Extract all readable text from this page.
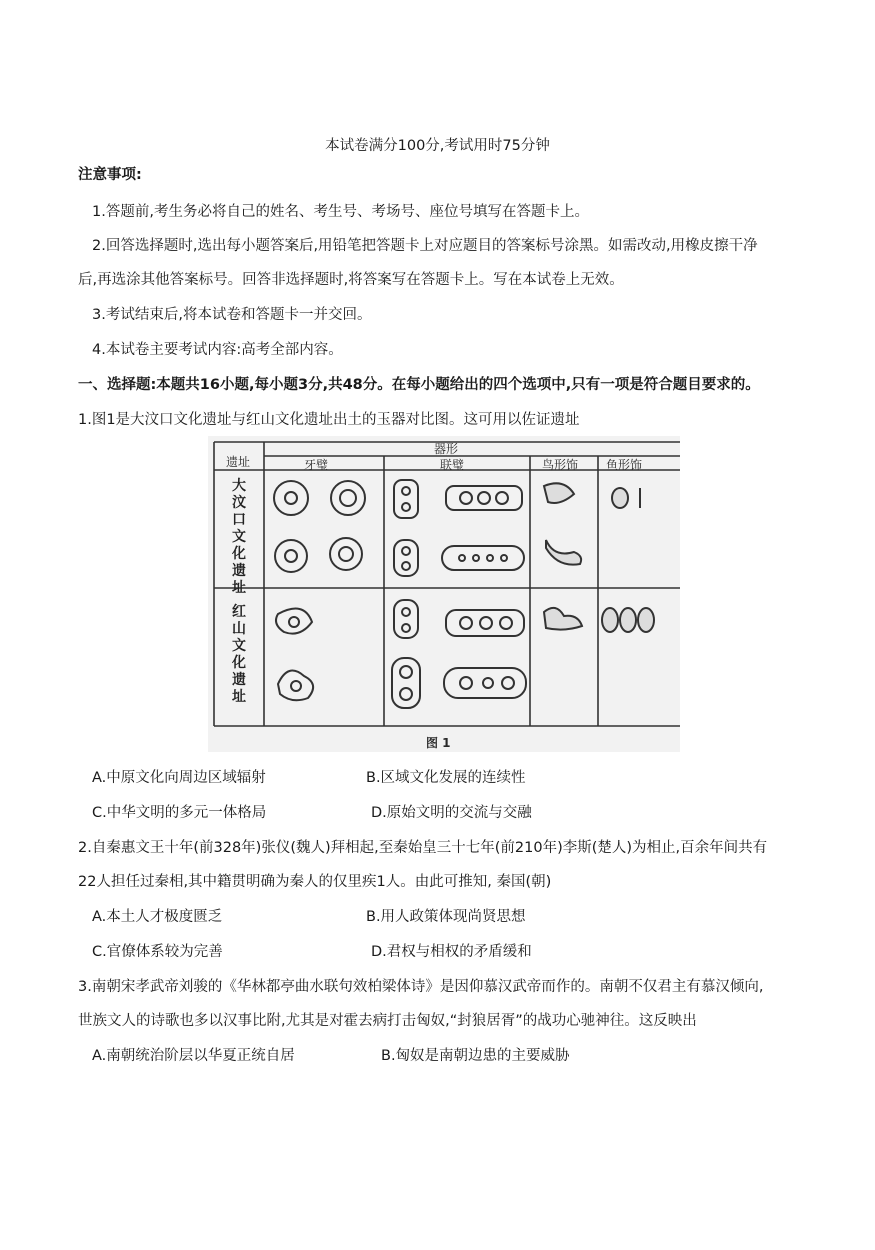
本试卷满分100分,考试用时75分钟
注意事项:
1.答题前,考生务必将自己的姓名、考生号、考场号、座位号填写在答题卡上。
2.回答选择题时,选出每小题答案后,用铅笔把答题卡上对应题目的答案标号涂黑。如需改动,用橡皮擦干净
后,再选涂其他答案标号。回答非选择题时,将答案写在答题卡上。写在本试卷上无效。
3.考试结束后,将本试卷和答题卡一并交回。
4.本试卷主要考试内容:高考全部内容。
一、选择题:本题共16小题,每小题3分,共48分。在每小题给出的四个选项中,只有一项是符合题目要求的。
1.图1是大汶口文化遗址与红山文化遗址出土的玉器对比图。这可用以佐证遗址
器形
遗址	牙璧	联璧	鸟形饰 鱼形饰
大汶口文化遗址
红山文化遗址
图 1
A.中原文化向周边区域辐射	B.区域文化发展的连续性
C.中华文明的多元一体格局	D.原始文明的交流与交融
2.自秦惠文王十年(前328年)张仪(魏人)拜相起,至秦始皇三十七年(前210年)李斯(楚人)为相止,百余年间共有
22人担任过秦相,其中籍贯明确为秦人的仅里疾1人。由此可推知, 秦国(朝)
A.本土人才极度匮乏	B.用人政策体现尚贤思想
C.官僚体系较为完善	D.君权与相权的矛盾缓和
3.南朝宋孝武帝刘骏的《华林都亭曲水联句效柏梁体诗》是因仰慕汉武帝而作的。南朝不仅君主有慕汉倾向,
世族文人的诗歌也多以汉事比附,尤其是对霍去病打击匈奴,“封狼居胥”的战功心驰神往。这反映出
A.南朝统治阶层以华夏正统自居	B.匈奴是南朝边患的主要威胁
